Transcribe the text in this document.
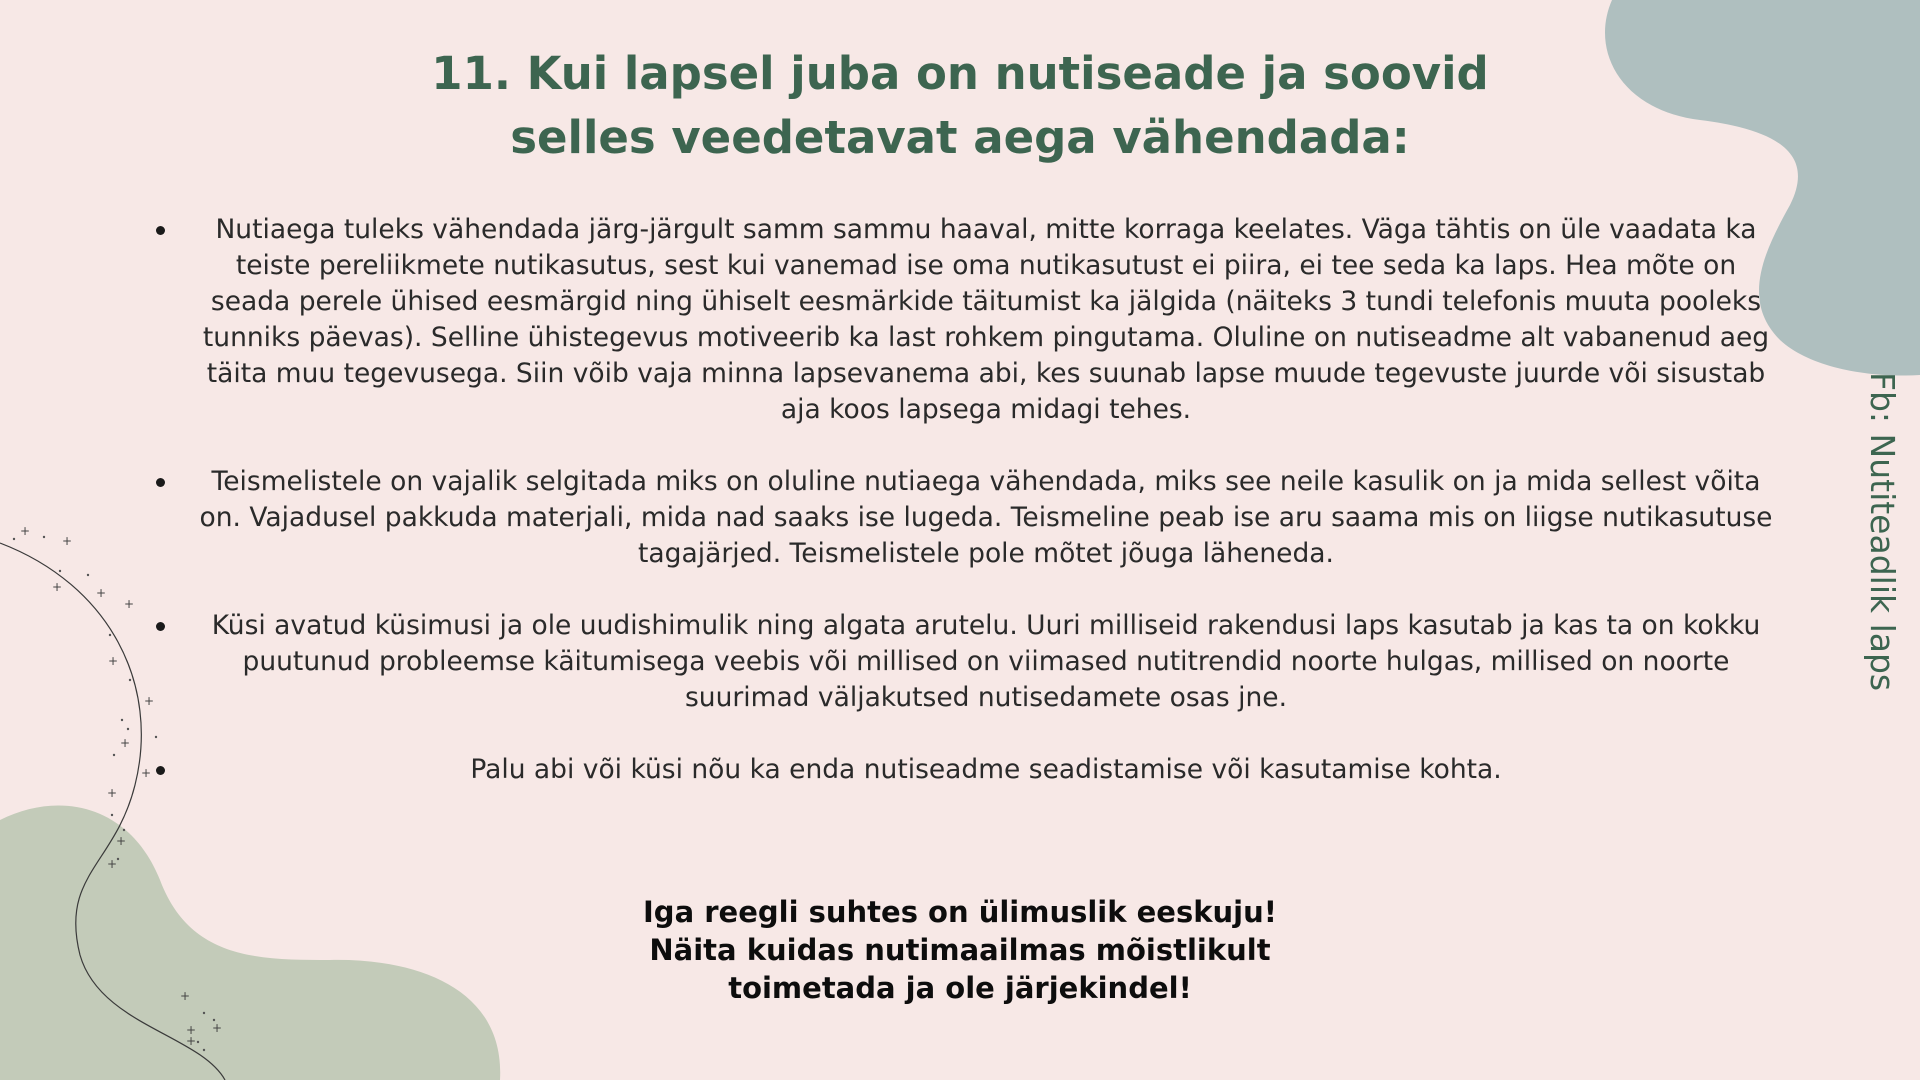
+
+
+	+
+
+
+
+
+
+
+
+
+
+ +
+
11. Kui lapsel juba on nutiseade ja soovid
selles veedetavat aega vähendada:
Nutiaega tuleks vähendada järg-järgult samm sammu haaval, mitte korraga keelates. Väga tähtis on üle vaadata ka teiste pereliikmete nutikasutus, sest kui vanemad ise oma nutikasutust ei piira, ei tee seda ka laps. Hea mõte on seada perele ühised eesmärgid ning ühiselt eesmärkide täitumist ka jälgida (näiteks 3 tundi telefonis muuta pooleks tunniks päevas). Selline ühistegevus motiveerib ka last rohkem pingutama. Oluline on nutiseadme alt vabanenud aeg täita muu tegevusega. Siin võib vaja minna lapsevanema abi, kes suunab lapse muude tegevuste juurde või sisustab aja koos lapsega midagi tehes.
Teismelistele on vajalik selgitada miks on oluline nutiaega vähendada, miks see neile kasulik on ja mida sellest võita on. Vajadusel pakkuda materjali, mida nad saaks ise lugeda. Teismeline peab ise aru saama mis on liigse nutikasutuse tagajärjed. Teismelistele pole mõtet jõuga läheneda.
Küsi avatud küsimusi ja ole uudishimulik ning algata arutelu. Uuri milliseid rakendusi laps kasutab ja kas ta on kokku puutunud probleemse käitumisega veebis või millised on viimased nutitrendid noorte hulgas, millised on noorte suurimad väljakutsed nutisedamete osas jne.
Palu abi või küsi nõu ka enda nutiseadme seadistamise või kasutamise kohta.
Iga reegli suhtes on ülimuslik eeskuju!
Näita kuidas nutimaailmas mõistlikult
toimetada ja ole järjekindel!
Fb: Nutiteadlik laps
